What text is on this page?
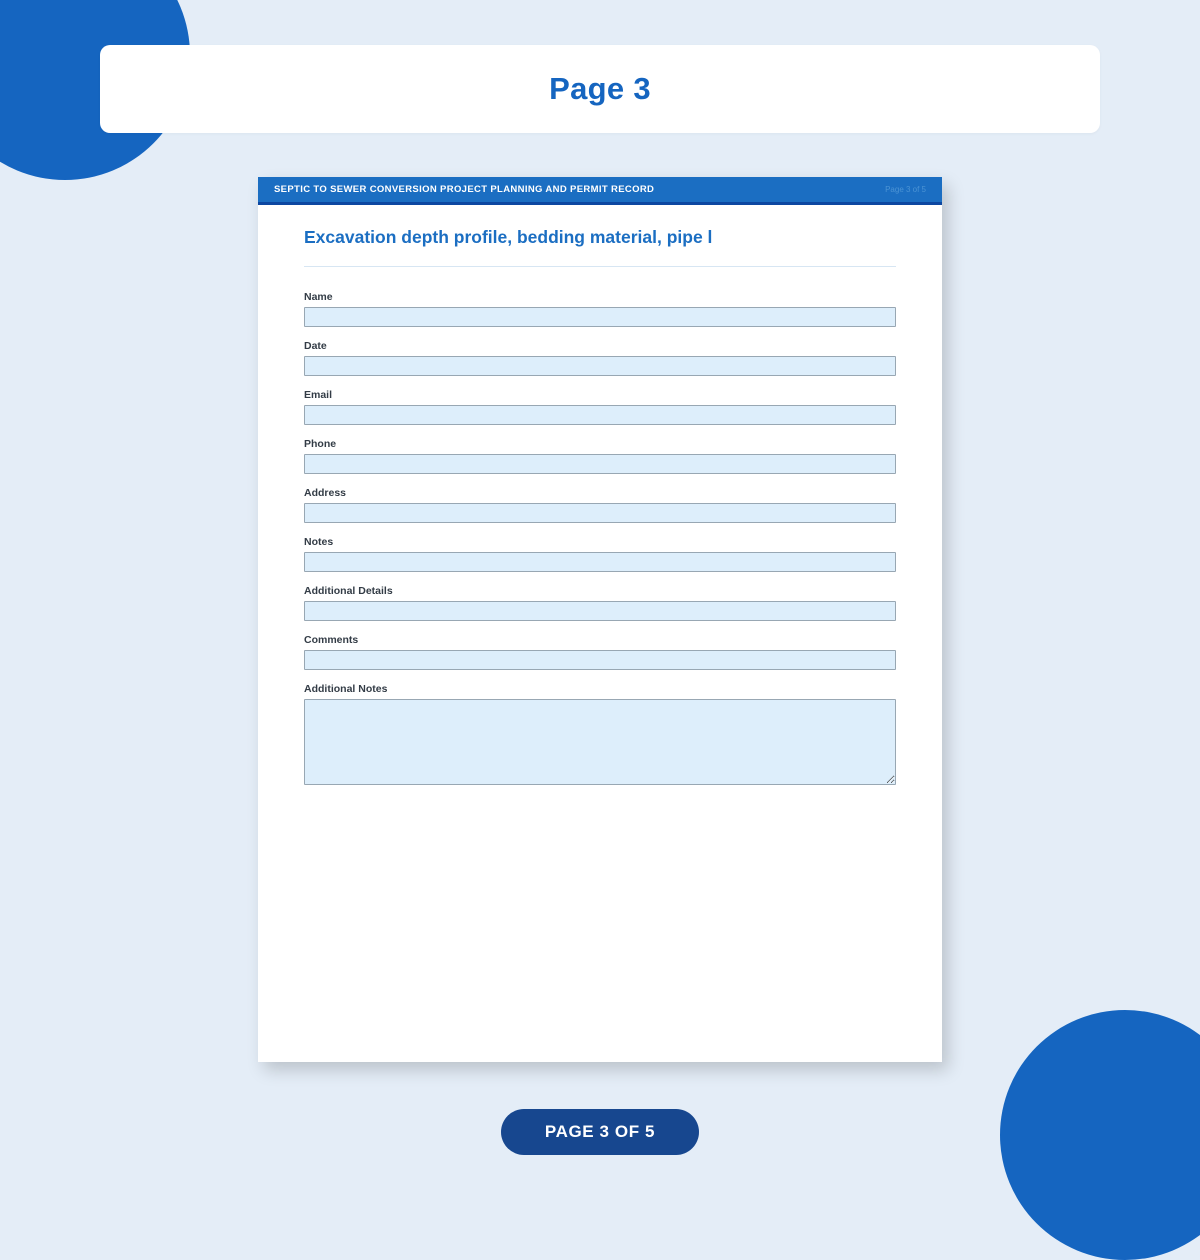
Page 3
SEPTIC TO SEWER CONVERSION PROJECT PLANNING AND PERMIT RECORD	Page 3 of 5
Excavation depth profile, bedding material, pipe l
Name
Date
Email
Phone
Address
Notes
Additional Details
Comments
Additional Notes
PAGE 3 OF 5
